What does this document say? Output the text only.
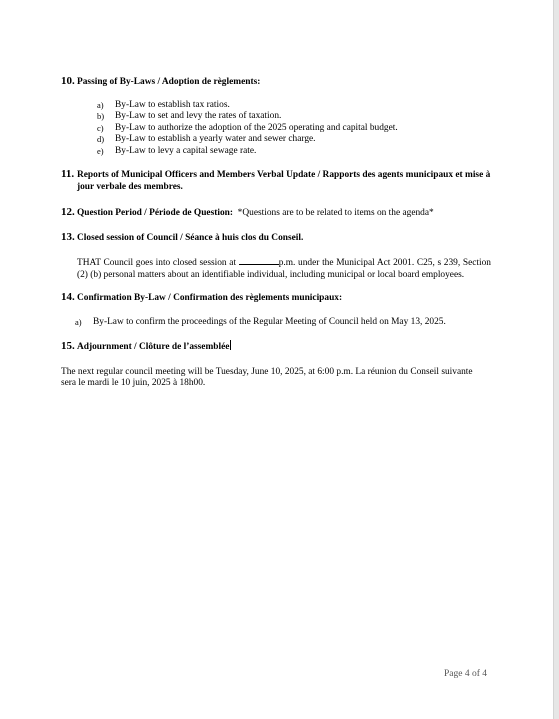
10. Passing of By-Laws / Adoption de règlements:
a)	By-Law to establish tax ratios.
b)	By-Law to set and levy the rates of taxation.
c)	By-Law to authorize the adoption of the 2025 operating and capital budget.
d)	By-Law to establish a yearly water and sewer charge.
e)	By-Law to levy a capital sewage rate.
11. Reports of Municipal Officers and Members Verbal Update / Rapports des agents municipaux et mise à jour verbale des membres.
12. Question Period / Période de Question: *Questions are to be related to items on the agenda*
13. Closed session of Council / Séance à huis clos du Conseil.

THAT Council goes into closed session at	p.m. under the Municipal Act 2001. C25, s 239, Section (2) (b) personal matters about an identifiable individual, including municipal or local board employees.

14. Confirmation By-Law / Confirmation des règlements municipaux:
a)	By-Law to confirm the proceedings of the Regular Meeting of Council held on May 13, 2025.
15. Adjournment / Clôture de l’assemblée

The next regular council meeting will be Tuesday, June 10, 2025, at 6:00 p.m. La réunion du Conseil suivante sera le mardi le 10 juin, 2025 à 18h00.

Page 4 of 4
